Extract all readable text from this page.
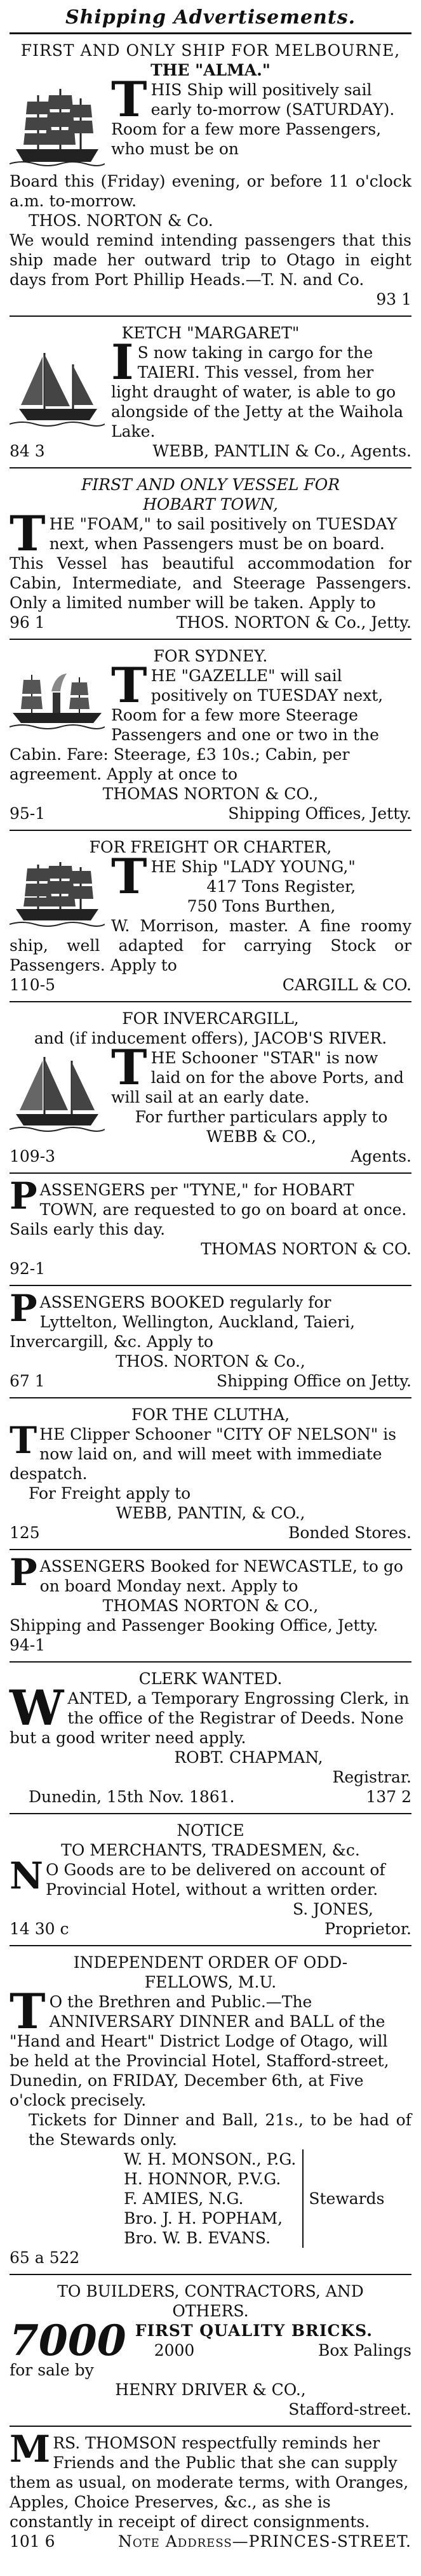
Shipping Advertisements.
FIRST AND ONLY SHIP FOR MELBOURNE,
THE "ALMA."
T HIS Ship will positively sail early to-morrow (SATURDAY). Room for a few more Passengers, who must be on
Board this (Friday) evening, or before 11 o'clock a.m. to-morrow.
THOS. NORTON & Co.
We would remind intending passengers that this ship made her outward trip to Otago in eight days from Port Phillip Heads.—T. N. and Co.
93 1
KETCH "MARGARET"
I S now taking in cargo for the TAIERI. This vessel, from her light draught of water, is able to go alongside of the Jetty at the Waihola Lake.
84 3	WEBB, PANTLIN & Co., Agents.
FIRST AND ONLY VESSEL FOR
HOBART TOWN,
T HE "FOAM," to sail positively on TUESDAY next, when Passengers must be on board.
This Vessel has beautiful accommodation for Cabin, Intermediate, and Steerage Passengers. Only a limited number will be taken. Apply to
96 1	THOS. NORTON & Co., Jetty.
FOR SYDNEY.
T HE "GAZELLE" will sail positively on TUESDAY next, Room for a few more Steerage Passengers and one or two in the Cabin. Fare: Steerage, £3 10s.; Cabin, per agreement. Apply at once to
THOMAS NORTON & CO.,
95-1	Shipping Offices, Jetty.
FOR FREIGHT OR CHARTER,
T HE Ship "LADY YOUNG,"
417 Tons Register,
750 Tons Burthen,
W. Morrison, master. A fine roomy ship, well adapted for carrying Stock or Passengers. Apply to
110-5	CARGILL & CO.
FOR INVERCARGILL,
and (if inducement offers), JACOB'S RIVER.
T HE Schooner "STAR" is now laid on for the above Ports, and will sail at an early date.
For further particulars apply to
WEBB & CO.,
109-3	Agents.
P ASSENGERS per "TYNE," for HOBART TOWN, are requested to go on board at once. Sails early this day.
THOMAS NORTON & CO.
92-1
P ASSENGERS BOOKED regularly for Lyttelton, Wellington, Auckland, Taieri, Invercargill, &c. Apply to
THOS. NORTON & Co.,
67 1	Shipping Office on Jetty.
FOR THE CLUTHA,
T HE Clipper Schooner "CITY OF NELSON" is now laid on, and will meet with immediate despatch.
For Freight apply to
WEBB, PANTIN, & CO.,
125	Bonded Stores.
P ASSENGERS Booked for NEWCASTLE, to go on board Monday next. Apply to
THOMAS NORTON & CO.,
Shipping and Passenger Booking Office, Jetty.
94-1
CLERK WANTED.
W ANTED, a Temporary Engrossing Clerk, in the office of the Registrar of Deeds. None but a good writer need apply.
ROBT. CHAPMAN,
Registrar.
Dunedin, 15th Nov. 1861.	137 2
NOTICE
TO MERCHANTS, TRADESMEN, &c.
N O Goods are to be delivered on account of Provincial Hotel, without a written order.
S. JONES,
14 30 c	Proprietor.
INDEPENDENT ORDER OF ODD-
FELLOWS, M.U.
T O the Brethren and Public.—The ANNIVERSARY DINNER and BALL of the "Hand and Heart" District Lodge of Otago, will be held at the Provincial Hotel, Stafford-street, Dunedin, on FRIDAY, December 6th, at Five o'clock precisely.
Tickets for Dinner and Ball, 21s., to be had of the Stewards only.
W. H. MONSON., P.G.
H. HONNOR, P.V.G.
F. AMIES, N.G.
Bro. J. H. POPHAM,
Bro. W. B. EVANS.
Stewards
65 a 522
TO BUILDERS, CONTRACTORS, AND
OTHERS.
7000 FIRST QUALITY BRICKS.
2000	Box Palings
for sale by
HENRY DRIVER & CO.,
Stafford-street.
M RS. THOMSON respectfully reminds her Friends and the Public that she can supply them as usual, on moderate terms, with Oranges, Apples, Choice Preserves, &c., as she is constantly in receipt of direct consignments.
101 6	Note Address—PRINCES-STREET.
